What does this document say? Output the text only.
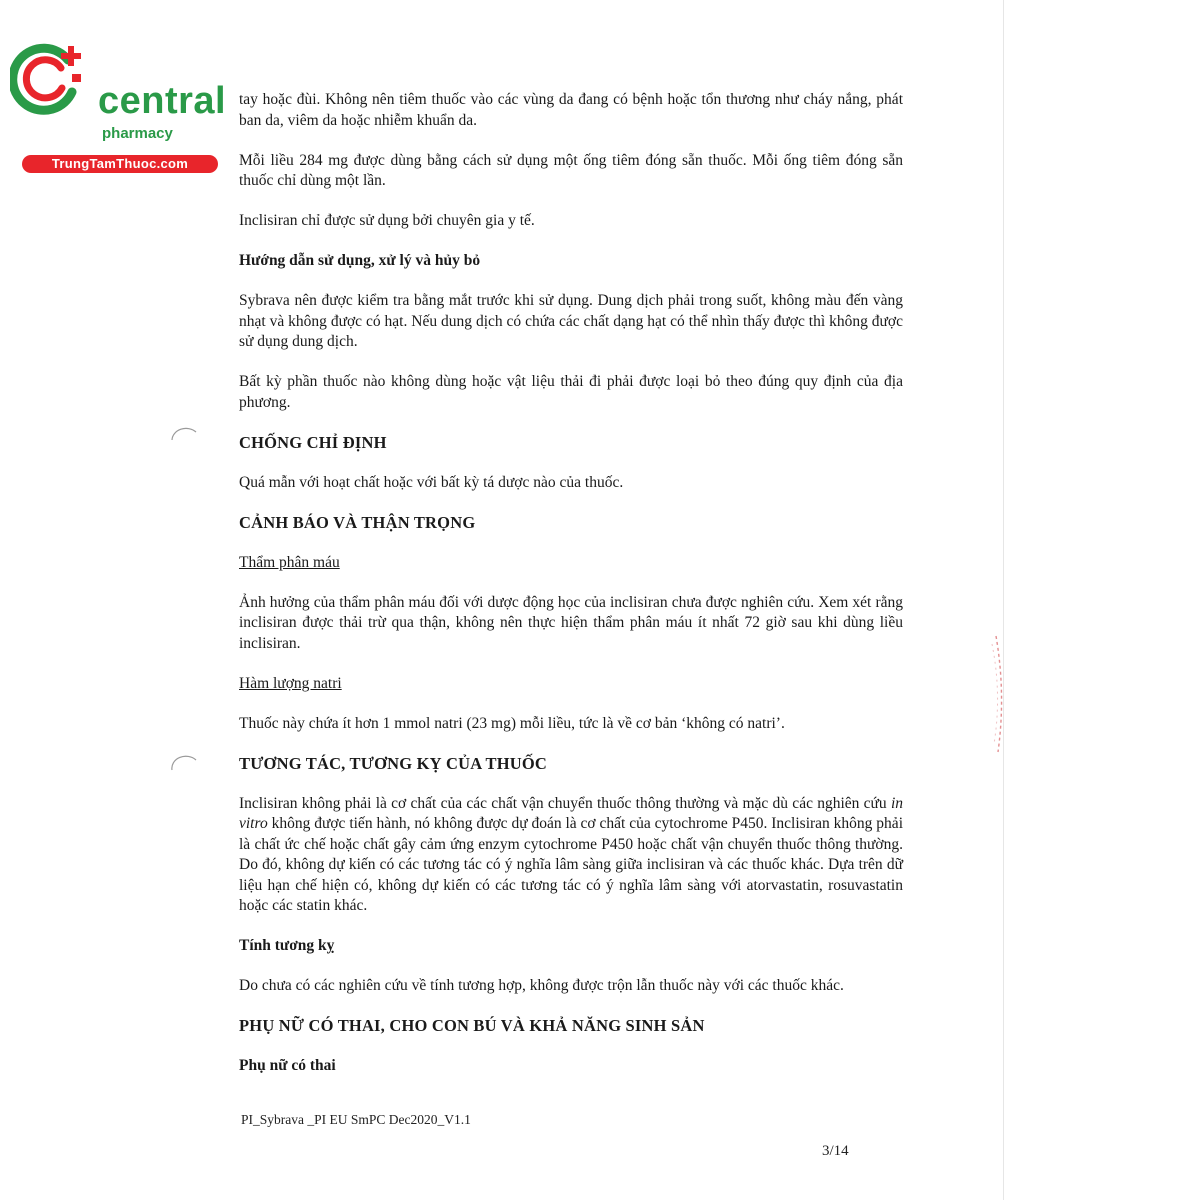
central

pharmacy

TrungTamThuoc.com

tay hoặc đùi. Không nên tiêm thuốc vào các vùng da đang có bệnh hoặc tổn thương như cháy nắng, phát ban da, viêm da hoặc nhiễm khuẩn da.

Mỗi liều 284 mg được dùng bằng cách sử dụng một ống tiêm đóng sẵn thuốc. Mỗi ống tiêm đóng sẵn thuốc chỉ dùng một lần.

Inclisiran chỉ được sử dụng bởi chuyên gia y tế.

Hướng dẫn sử dụng, xử lý và hủy bỏ

Sybrava nên được kiểm tra bằng mắt trước khi sử dụng. Dung dịch phải trong suốt, không màu đến vàng nhạt và không được có hạt. Nếu dung dịch có chứa các chất dạng hạt có thể nhìn thấy được thì không được sử dụng dung dịch.

Bất kỳ phần thuốc nào không dùng hoặc vật liệu thải đi phải được loại bỏ theo đúng quy định của địa phương.

CHỐNG CHỈ ĐỊNH

Quá mẫn với hoạt chất hoặc với bất kỳ tá dược nào của thuốc.

CẢNH BÁO VÀ THẬN TRỌNG

Thẩm phân máu

Ảnh hưởng của thẩm phân máu đối với dược động học của inclisiran chưa được nghiên cứu. Xem xét rằng inclisiran được thải trừ qua thận, không nên thực hiện thẩm phân máu ít nhất 72 giờ sau khi dùng liều inclisiran.

Hàm lượng natri

Thuốc này chứa ít hơn 1 mmol natri (23 mg) mỗi liều, tức là về cơ bản ‘không có natri’.

TƯƠNG TÁC, TƯƠNG KỴ CỦA THUỐC

Inclisiran không phải là cơ chất của các chất vận chuyển thuốc thông thường và mặc dù các nghiên cứu in vitro không được tiến hành, nó không được dự đoán là cơ chất của cytochrome P450. Inclisiran không phải là chất ức chế hoặc chất gây cảm ứng enzym cytochrome P450 hoặc chất vận chuyển thuốc thông thường. Do đó, không dự kiến có các tương tác có ý nghĩa lâm sàng giữa inclisiran và các thuốc khác. Dựa trên dữ liệu hạn chế hiện có, không dự kiến có các tương tác có ý nghĩa lâm sàng với atorvastatin, rosuvastatin hoặc các statin khác.

Tính tương kỵ

Do chưa có các nghiên cứu về tính tương hợp, không được trộn lẫn thuốc này với các thuốc khác.

PHỤ NỮ CÓ THAI, CHO CON BÚ VÀ KHẢ NĂNG SINH SẢN
Phụ nữ có thai
PI_Sybrava _PI EU SmPC Dec2020_V1.1
3/14
